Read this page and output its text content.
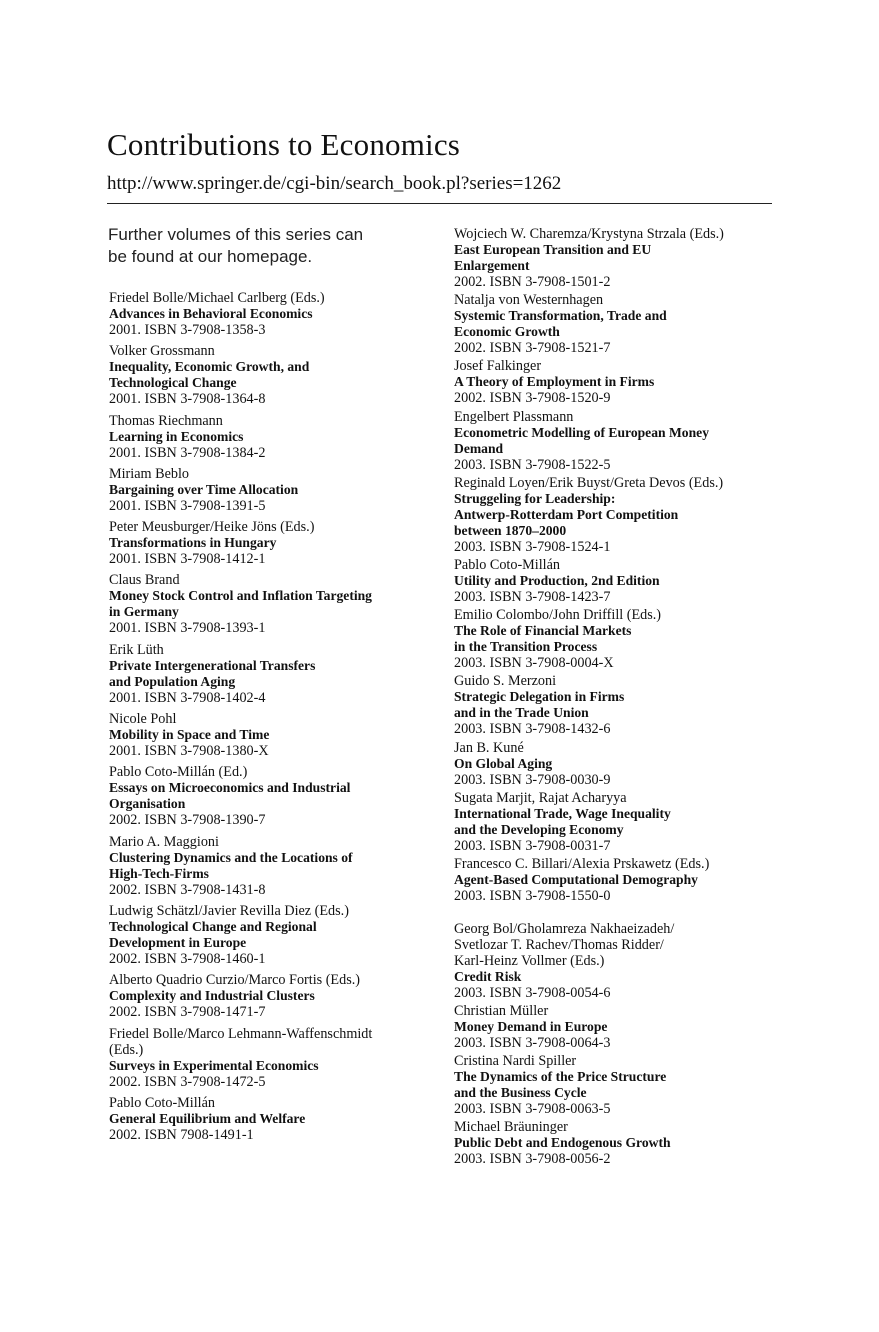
Contributions to Economics
http://www.springer.de/cgi-bin/search_book.pl?series=1262
Further volumes of this series can
be found at our homepage.
Friedel Bolle/Michael Carlberg (Eds.)
Advances in Behavioral Economics
2001. ISBN 3-7908-1358-3
Volker Grossmann
Inequality, Economic Growth, and
Technological Change
2001. ISBN 3-7908-1364-8
Thomas Riechmann
Learning in Economics
2001. ISBN 3-7908-1384-2
Miriam Beblo
Bargaining over Time Allocation
2001. ISBN 3-7908-1391-5
Peter Meusburger/Heike Jöns (Eds.)
Transformations in Hungary
2001. ISBN 3-7908-1412-1
Claus Brand
Money Stock Control and Inflation Targeting
in Germany
2001. ISBN 3-7908-1393-1
Erik Lüth
Private Intergenerational Transfers
and Population Aging
2001. ISBN 3-7908-1402-4
Nicole Pohl
Mobility in Space and Time
2001. ISBN 3-7908-1380-X
Pablo Coto-Millán (Ed.)
Essays on Microeconomics and Industrial
Organisation
2002. ISBN 3-7908-1390-7
Mario A. Maggioni
Clustering Dynamics and the Locations of
High-Tech-Firms
2002. ISBN 3-7908-1431-8
Ludwig Schätzl/Javier Revilla Diez (Eds.)
Technological Change and Regional
Development in Europe
2002. ISBN 3-7908-1460-1
Alberto Quadrio Curzio/Marco Fortis (Eds.)
Complexity and Industrial Clusters
2002. ISBN 3-7908-1471-7
Friedel Bolle/Marco Lehmann-Waffenschmidt
(Eds.)
Surveys in Experimental Economics
2002. ISBN 3-7908-1472-5
Pablo Coto-Millán
General Equilibrium and Welfare
2002. ISBN 7908-1491-1
Wojciech W. Charemza/Krystyna Strzala (Eds.)
East European Transition and EU
Enlargement
2002. ISBN 3-7908-1501-2
Natalja von Westernhagen
Systemic Transformation, Trade and
Economic Growth
2002. ISBN 3-7908-1521-7
Josef Falkinger
A Theory of Employment in Firms
2002. ISBN 3-7908-1520-9
Engelbert Plassmann
Econometric Modelling of European Money
Demand
2003. ISBN 3-7908-1522-5
Reginald Loyen/Erik Buyst/Greta Devos (Eds.)
Struggeling for Leadership:
Antwerp-Rotterdam Port Competition
between 1870–2000
2003. ISBN 3-7908-1524-1
Pablo Coto-Millán
Utility and Production, 2nd Edition
2003. ISBN 3-7908-1423-7
Emilio Colombo/John Driffill (Eds.)
The Role of Financial Markets
in the Transition Process
2003. ISBN 3-7908-0004-X
Guido S. Merzoni
Strategic Delegation in Firms
and in the Trade Union
2003. ISBN 3-7908-1432-6
Jan B. Kuné
On Global Aging
2003. ISBN 3-7908-0030-9
Sugata Marjit, Rajat Acharyya
International Trade, Wage Inequality
and the Developing Economy
2003. ISBN 3-7908-0031-7
Francesco C. Billari/Alexia Prskawetz (Eds.)
Agent-Based Computational Demography
2003. ISBN 3-7908-1550-0
Georg Bol/Gholamreza Nakhaeizadeh/
Svetlozar T. Rachev/Thomas Ridder/
Karl-Heinz Vollmer (Eds.)
Credit Risk
2003. ISBN 3-7908-0054-6
Christian Müller
Money Demand in Europe
2003. ISBN 3-7908-0064-3
Cristina Nardi Spiller
The Dynamics of the Price Structure
and the Business Cycle
2003. ISBN 3-7908-0063-5
Michael Bräuninger
Public Debt and Endogenous Growth
2003. ISBN 3-7908-0056-2
